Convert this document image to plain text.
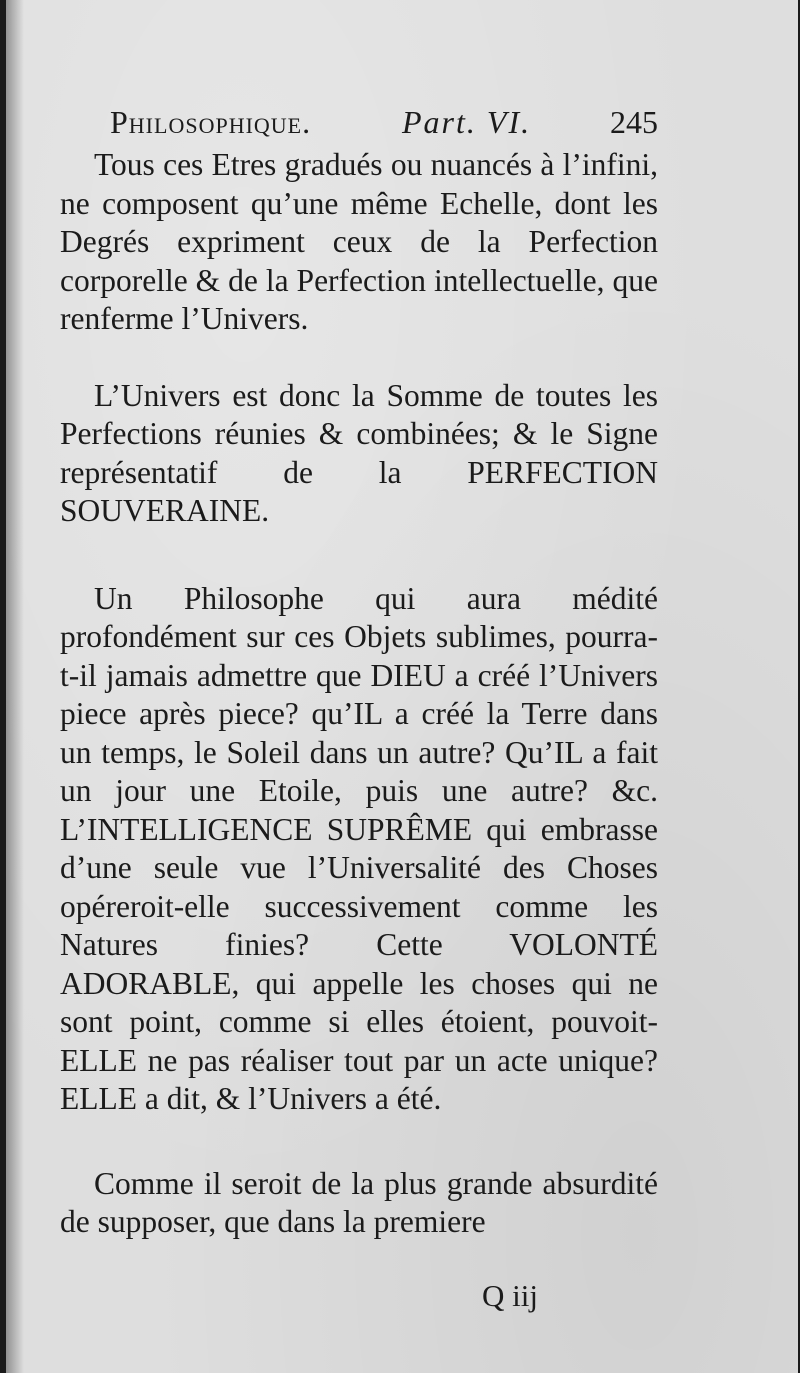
Philosophique.	Part. VI. 245

Tous ces Etres gradués ou nuancés à l’infini, ne composent qu’une même Echelle, dont les Degrés expriment ceux de la Perfection corporelle & de la Perfection intellectuelle, que renferme l’Univers.

L’Univers est donc la Somme de toutes les Perfections réunies & combinées; & le Signe représentatif de la PERFECTION SOUVERAINE.

Un Philosophe qui aura médité profondément sur ces Objets sublimes, pourra-t-il jamais admettre que DIEU a créé l’Univers piece après piece? qu’IL a créé la Terre dans un temps, le Soleil dans un autre? Qu’IL a fait un jour une Etoile, puis une autre? &c. L’INTELLIGENCE SUPRÊME qui embrasse d’une seule vue l’Universalité des Choses opéreroit-elle successivement comme les Natures finies? Cette VOLONTÉ ADORABLE, qui appelle les choses qui ne sont point, comme si elles étoient, pouvoit-ELLE ne pas réaliser tout par un acte unique? ELLE a dit, & l’Univers a été.

Comme il seroit de la plus grande absurdité de supposer, que dans la premiere

Q iij
